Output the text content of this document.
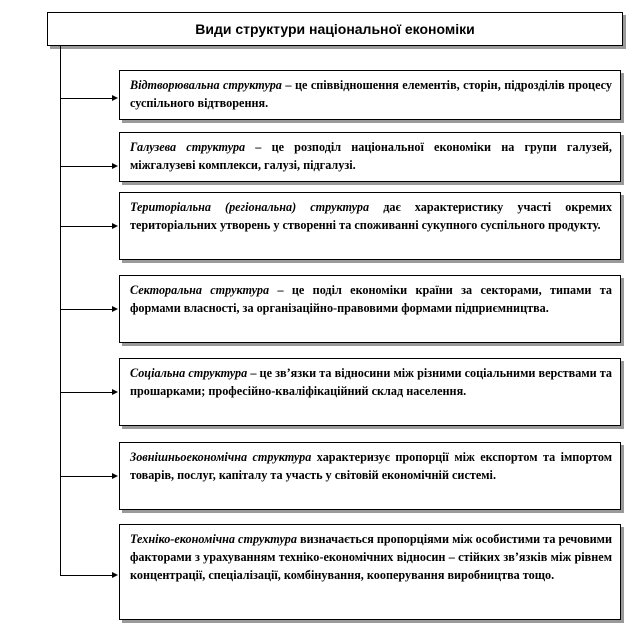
Види структури національної економіки
Відтворювальна структура – це співвідношення елементів, сторін, підрозділів процесу суспільного відтворення.
Галузева структура – це розподіл національної економіки на групи галузей, міжгалузеві комплекси, галузі, підгалузі.
Територіальна (регіональна) структура дає характеристику участі окремих територіальних утворень у створенні та споживанні сукупного суспільного продукту.
Секторальна структура – це поділ економіки країни за секторами, типами та формами власності, за організаційно-правовими формами підприємництва.
Соціальна структура – це зв’язки та відносини між різними соціальними верствами та прошарками; професійно-кваліфікаційний склад населення.
Зовнішньоекономічна структура характеризує пропорції між експортом та імпортом товарів, послуг, капіталу та участь у світовій економічній системі.
Техніко-економічна структура визначається пропорціями між особистими та речовими факторами з урахуванням техніко-економічних відносин – стійких зв’язків між рівнем концентрації, спеціалізації, комбінування, кооперування виробництва тощо.
